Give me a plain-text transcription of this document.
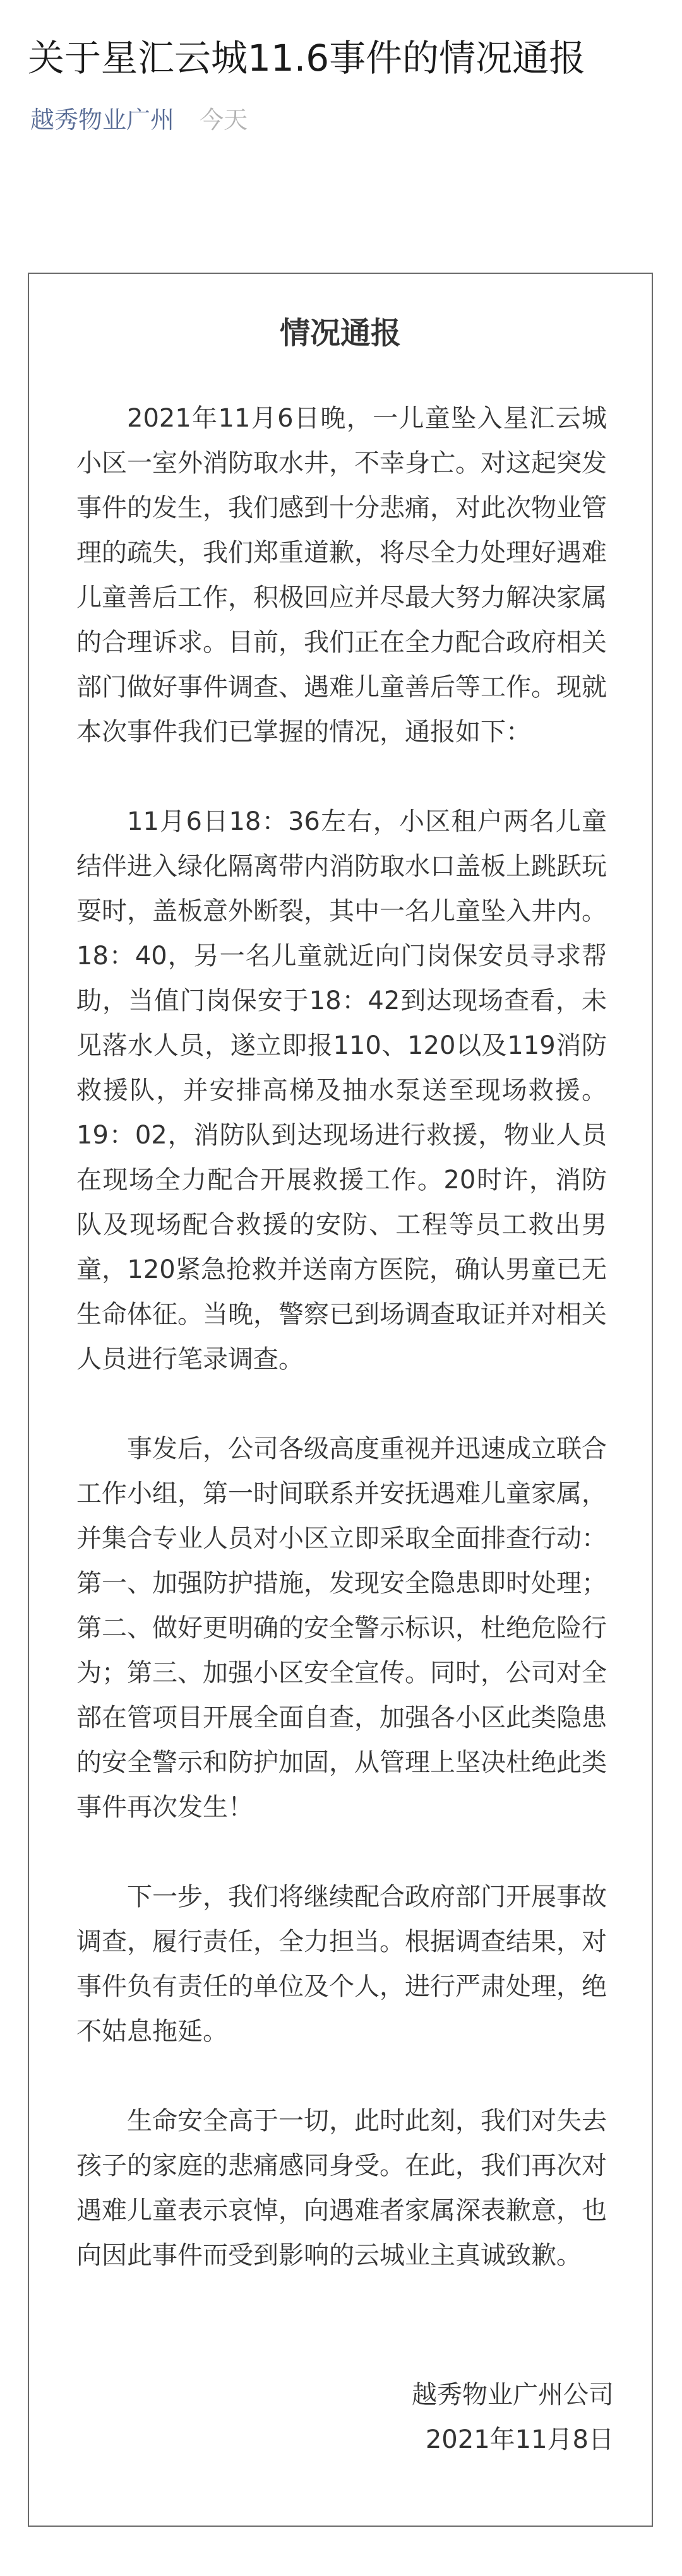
关于星汇云城11.6事件的情况通报
越秀物业广州 今天
情况通报

2021年11月6日晚，一儿童坠入星汇云城小区一室外消防取水井，不幸身亡。对这起突发事件的发生，我们感到十分悲痛，对此次物业管理的疏失，我们郑重道歉，将尽全力处理好遇难儿童善后工作，积极回应并尽最大努力解决家属的合理诉求。目前，我们正在全力配合政府相关部门做好事件调查、遇难儿童善后等工作。现就本次事件我们已掌握的情况，通报如下：

11月6日18：36左右，小区租户两名儿童结伴进入绿化隔离带内消防取水口盖板上跳跃玩耍时，盖板意外断裂，其中一名儿童坠入井内。18：40，另一名儿童就近向门岗保安员寻求帮助，当值门岗保安于18：42到达现场查看，未见落水人员，遂立即报110、120以及119消防救援队，并安排高梯及抽水泵送至现场救援。19：02，消防队到达现场进行救援，物业人员在现场全力配合开展救援工作。20时许，消防队及现场配合救援的安防、工程等员工救出男童，120紧急抢救并送南方医院，确认男童已无生命体征。当晚，警察已到场调查取证并对相关人员进行笔录调查。

事发后，公司各级高度重视并迅速成立联合工作小组，第一时间联系并安抚遇难儿童家属，并集合专业人员对小区立即采取全面排查行动：第一、加强防护措施，发现安全隐患即时处理；第二、做好更明确的安全警示标识，杜绝危险行为；第三、加强小区安全宣传。同时，公司对全部在管项目开展全面自查，加强各小区此类隐患的安全警示和防护加固，从管理上坚决杜绝此类事件再次发生！

下一步，我们将继续配合政府部门开展事故调查，履行责任，全力担当。根据调查结果，对事件负有责任的单位及个人，进行严肃处理，绝不姑息拖延。

生命安全高于一切，此时此刻，我们对失去孩子的家庭的悲痛感同身受。在此，我们再次对遇难儿童表示哀悼，向遇难者家属深表歉意，也向因此事件而受到影响的云城业主真诚致歉。

越秀物业广州公司
2021年11月8日
